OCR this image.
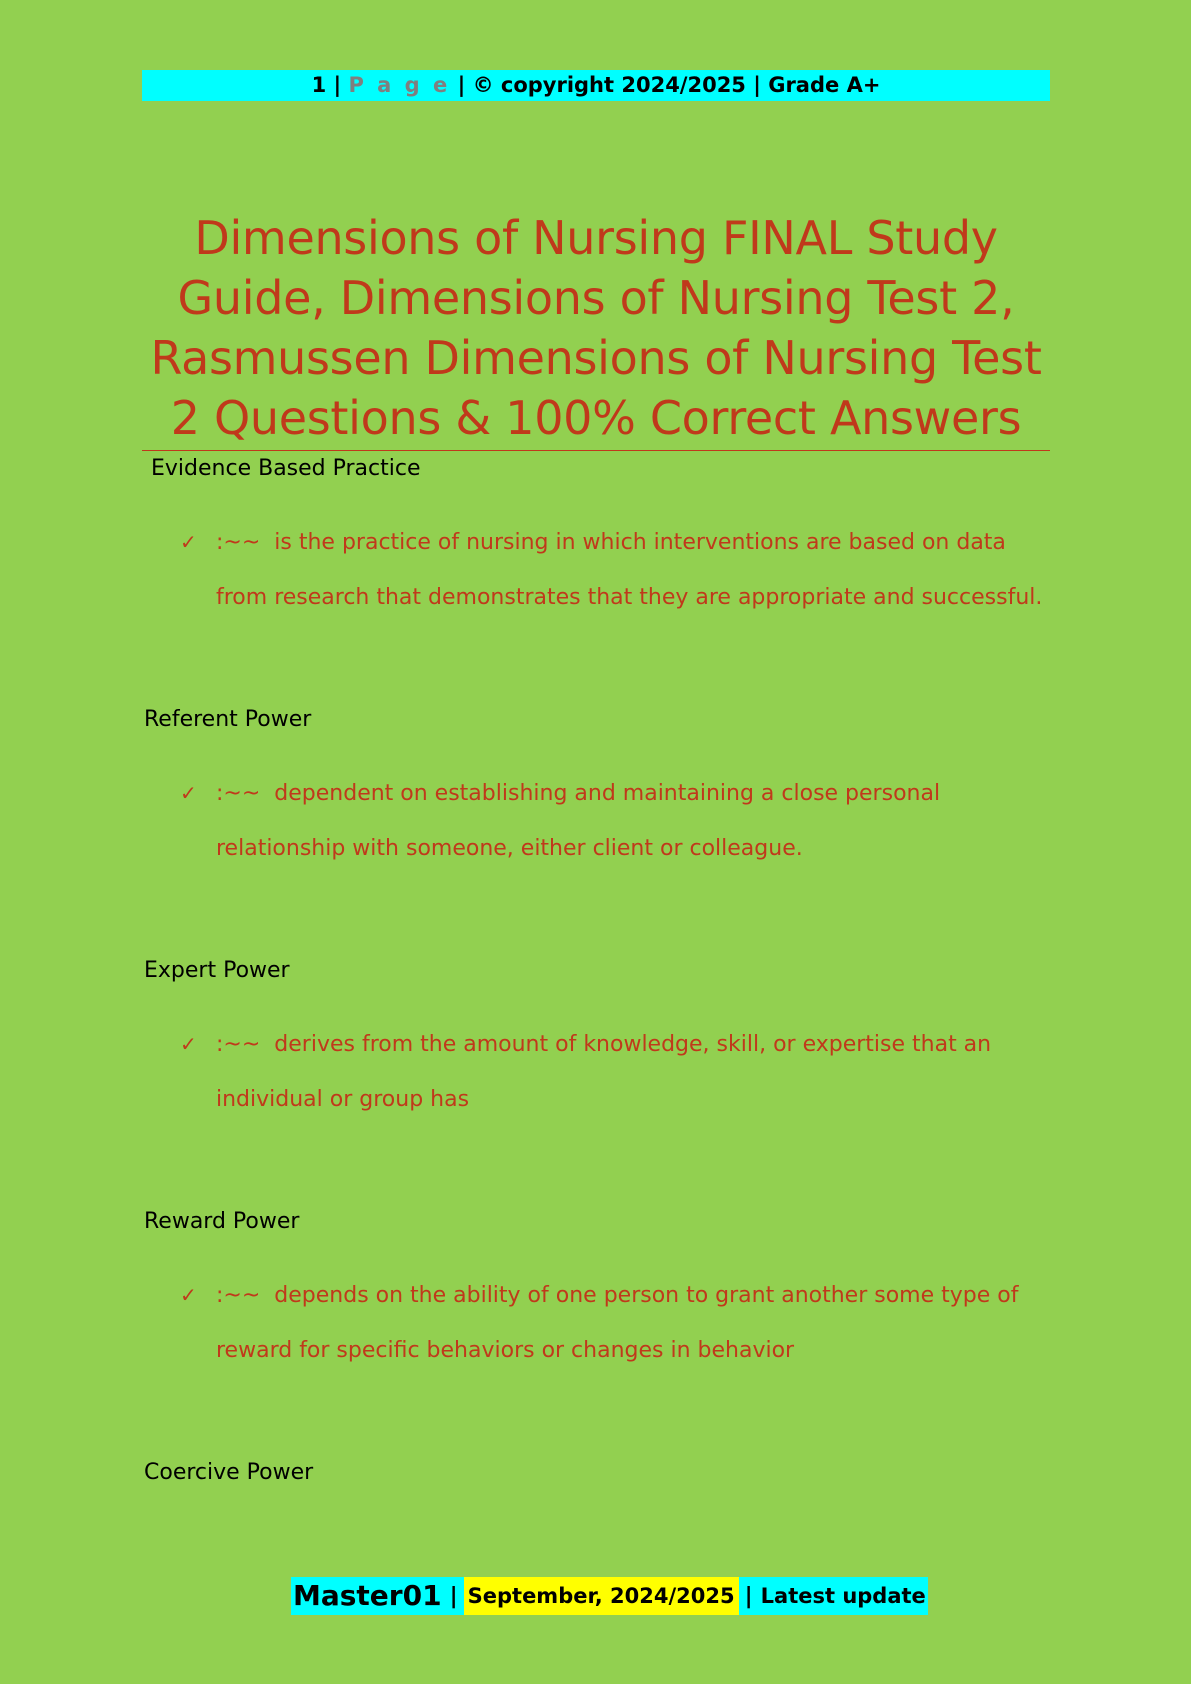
1 | P a g e | © copyright 2024/2025 | Grade A+
Dimensions of Nursing FINAL Study Guide, Dimensions of Nursing Test 2, Rasmussen Dimensions of Nursing Test 2 Questions & 100% Correct Answers
Evidence Based Practice
✓ :~~ is the practice of nursing in which interventions are based on data from research that demonstrates that they are appropriate and successful.
Referent Power
✓ :~~ dependent on establishing and maintaining a close personal relationship with someone, either client or colleague.
Expert Power
✓ :~~ derives from the amount of knowledge, skill, or expertise that an individual or group has
Reward Power
✓ :~~ depends on the ability of one person to grant another some type of reward for specific behaviors or changes in behavior
Coercive Power
Master01 | September, 2024/2025 | Latest update
